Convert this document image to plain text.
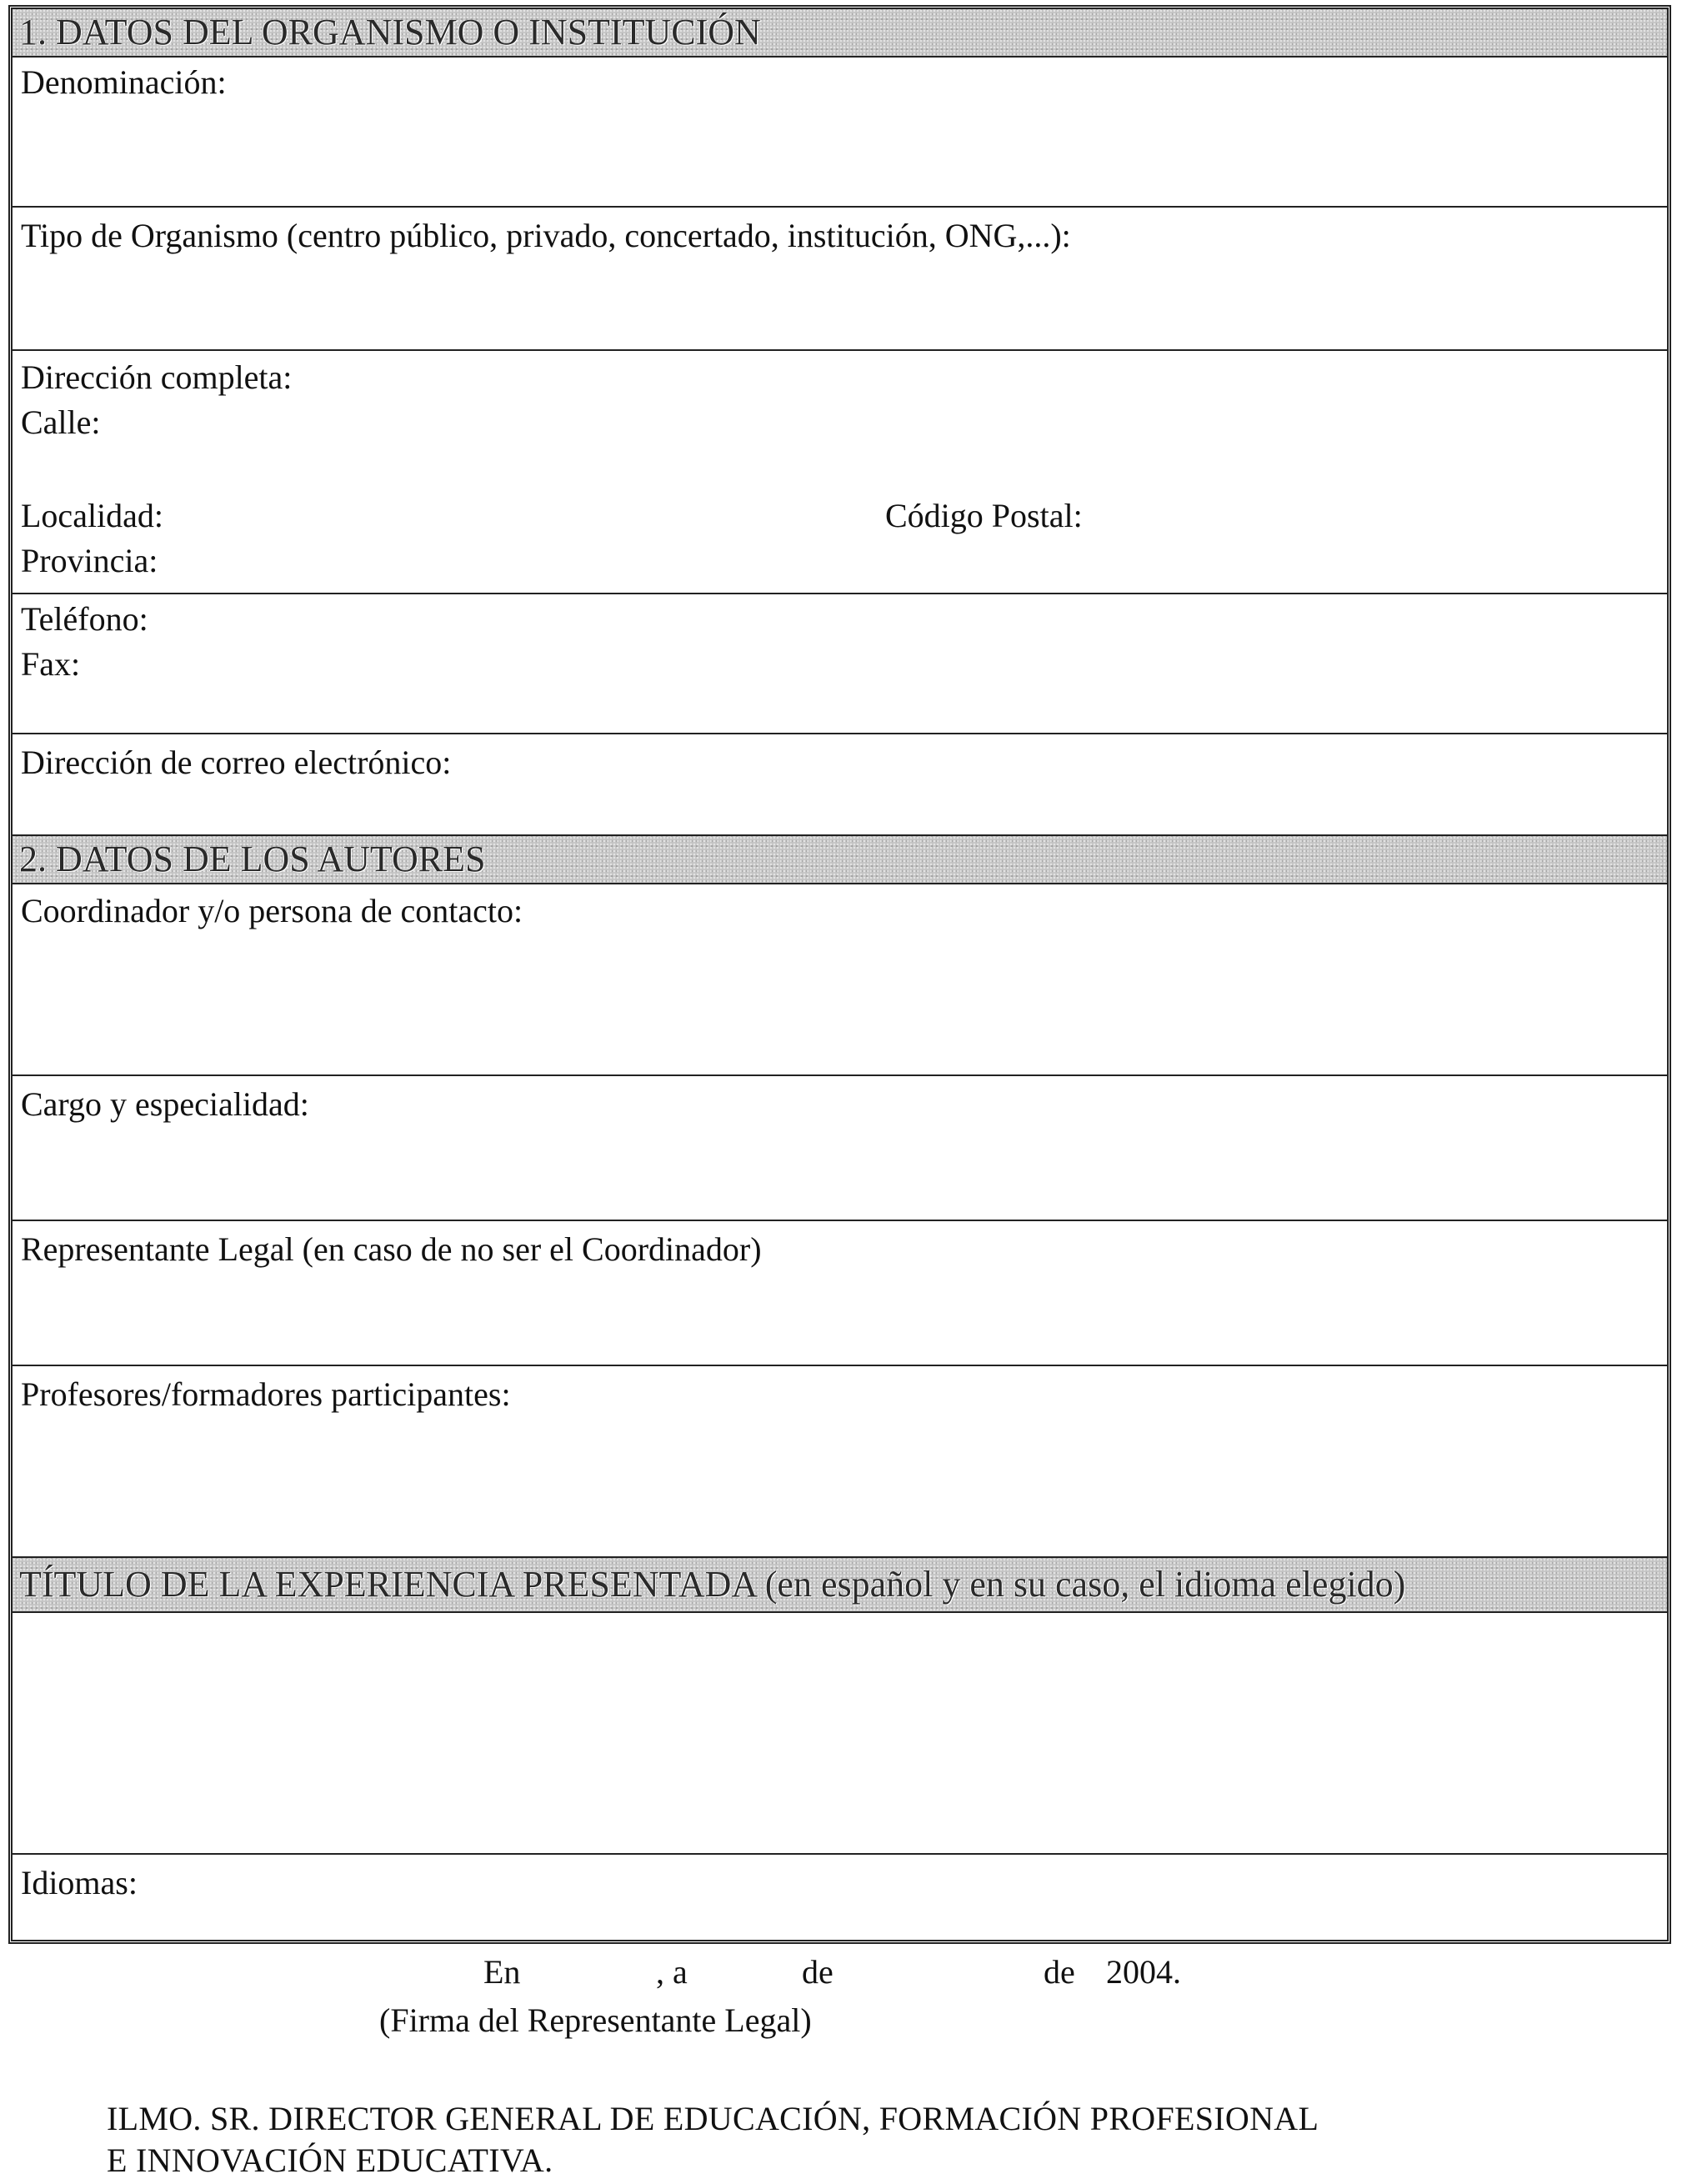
1. DATOS DEL ORGANISMO O INSTITUCIÓN
Denominación:
Tipo de Organismo (centro público, privado, concertado, institución, ONG,...):
Dirección completa:
Calle:
Localidad:	Código Postal:
Provincia:
Teléfono:
Fax:
Dirección de correo electrónico:
2. DATOS DE LOS AUTORES
Coordinador y/o persona de contacto:
Cargo y especialidad:
Representante Legal (en caso de no ser el Coordinador)
Profesores/formadores participantes:
TÍTULO DE LA EXPERIENCIA PRESENTADA (en español y en su caso, el idioma elegido)
Idiomas:
En	, a	de	de 2004.
(Firma del Representante Legal)
ILMO. SR. DIRECTOR GENERAL DE EDUCACIÓN, FORMACIÓN PROFESIONAL
E INNOVACIÓN EDUCATIVA.
